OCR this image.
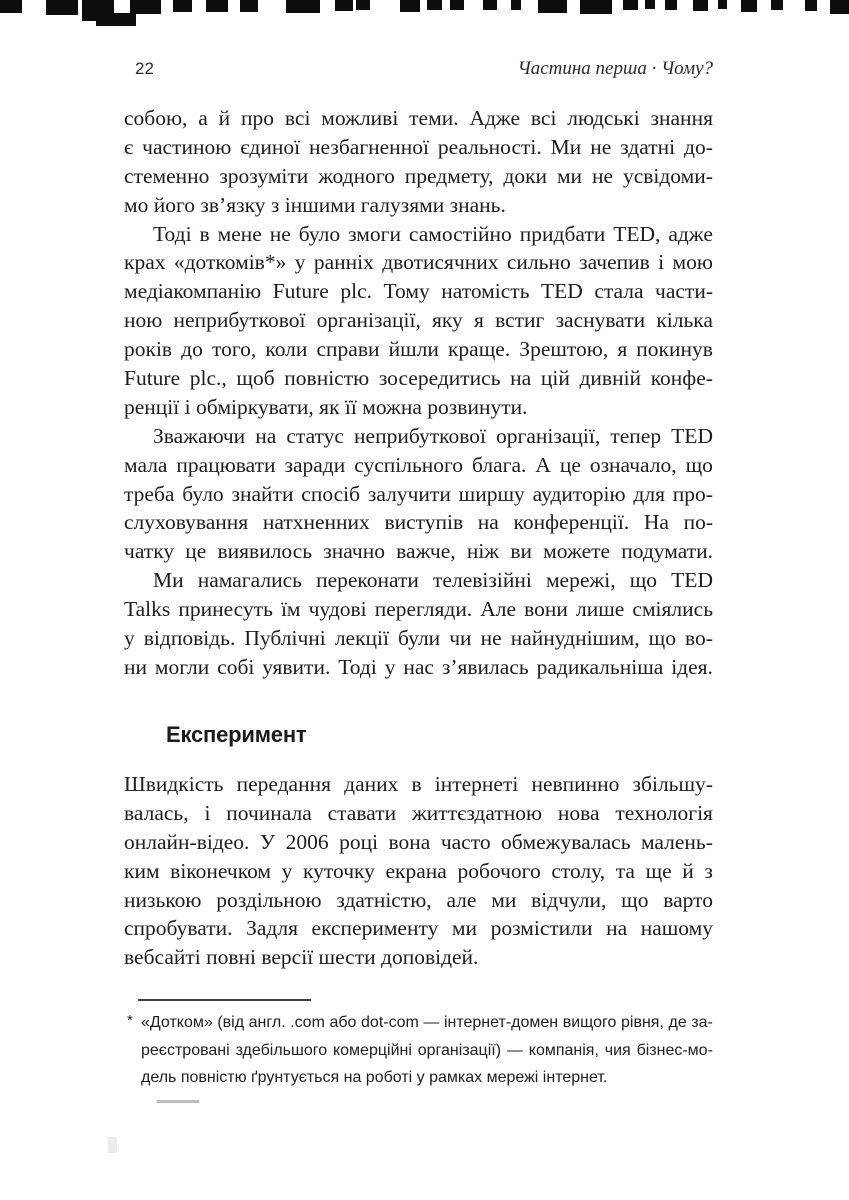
22	Частина перша · Чому?
собою, а й про всі можливі теми. Адже всі людські знання
є частиною єдиної незбагненної реальності. Ми не здатні до-
стеменно зрозуміти жодного предмету, доки ми не усвідоми-
мо його зв’язку з іншими галузями знань.
Тоді в мене не було змоги самостійно придбати TED, адже
крах «доткомів*» у ранніх двотисячних сильно зачепив і мою
медіакомпанію Future plc. Тому натомість TED стала части-
ною неприбуткової організації, яку я встиг заснувати кілька
років до того, коли справи йшли краще. Зрештою, я покинув
Future plc., щоб повністю зосередитись на цій дивній конфе-
ренції і обміркувати, як її можна розвинути.
Зважаючи на статус неприбуткової організації, тепер TED
мала працювати заради суспільного блага. А це означало, що
треба було знайти спосіб залучити ширшу аудиторію для про-
слуховування натхненних виступів на конференції. На по-
чатку це виявилось значно важче, ніж ви можете подумати.
Ми намагались переконати телевізійні мережі, що TED
Talks принесуть їм чудові перегляди. Але вони лише сміялись
у відповідь. Публічні лекції були чи не найнуднішим, що во-
ни могли собі уявити. Тоді у нас з’явилась радикальніша ідея.
Експеримент
Швидкість передання даних в інтернеті невпинно збільшу-
валась, і починала ставати життєздатною нова технологія
онлайн-відео. У 2006 році вона часто обмежувалась малень-
ким віконечком у куточку екрана робочого столу, та ще й з
низькою роздільною здатністю, але ми відчули, що варто
спробувати. Задля експерименту ми розмістили на нашому
вебсайті повні версії шести доповідей.
* «Дотком» (від англ. .com або dot-com — інтернет-домен вищого рівня, де за-
реєстровані здебільшого комерційні організації) — компанія, чия бізнес-мо-
дель повністю ґрунтується на роботі у рамках мережі інтернет.
